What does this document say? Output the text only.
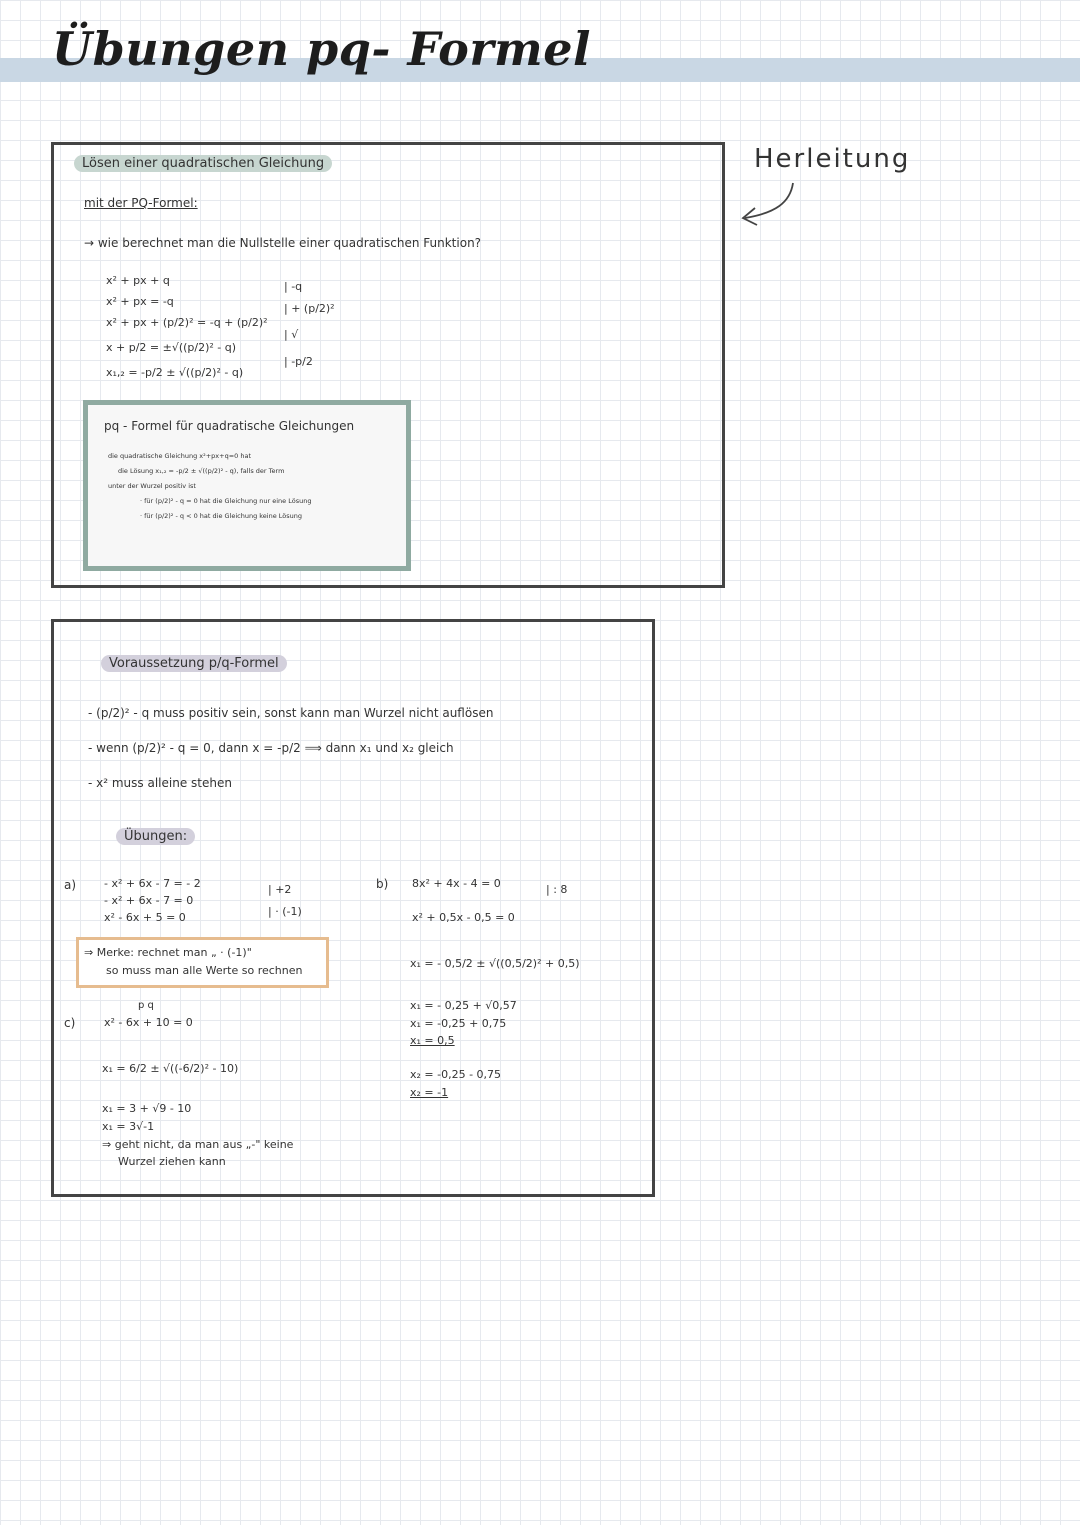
Übungen pq- Formel
Herleitung
Lösen einer quadratischen Gleichung
mit der PQ-Formel:
→ wie berechnet man die Nullstelle einer quadratischen Funktion?
x² + px + q
x² + px = -q
x² + px + (p/2)² = -q + (p/2)²
x + p/2 = ±√((p/2)² - q)
x₁,₂ = -p/2 ± √((p/2)² - q)
| -q
| + (p/2)²
| √
| -p/2
pq - Formel für quadratische Gleichungen
die quadratische Gleichung x²+px+q=0 hat
die Lösung x₁,₂ = -p/2 ± √((p/2)² - q), falls der Term
unter der Wurzel positiv ist
· für (p/2)² - q = 0 hat die Gleichung nur eine Lösung
· für (p/2)² - q < 0 hat die Gleichung keine Lösung
Voraussetzung p/q-Formel
- (p/2)² - q muss positiv sein, sonst kann man Wurzel nicht auflösen
- wenn (p/2)² - q = 0, dann x = -p/2 ⟹ dann x₁ und x₂ gleich
- x² muss alleine stehen
Übungen:
a)	- x² + 6x - 7 = - 2
- x² + 6x - 7 = 0
x² - 6x + 5 = 0
| +2
| · (-1)
⇒ Merke: rechnet man „ · (-1)"
so muss man alle Werte so rechnen
b) 8x² + 4x - 4 = 0	| : 8
x² + 0,5x - 0,5 = 0
x₁ = - 0,5/2 ± √((0,5/2)² + 0,5)
x₁ = - 0,25 + √0,57
x₁ = -0,25 + 0,75
x₁ = 0,5
x₂ = -0,25 - 0,75
x₂ = -1
c)
p q
x² - 6x + 10 = 0
x₁ = 6/2 ± √((-6/2)² - 10)
x₁ = 3 + √9 - 10
x₁ = 3√-1
⇒ geht nicht, da man aus „-" keine
Wurzel ziehen kann
